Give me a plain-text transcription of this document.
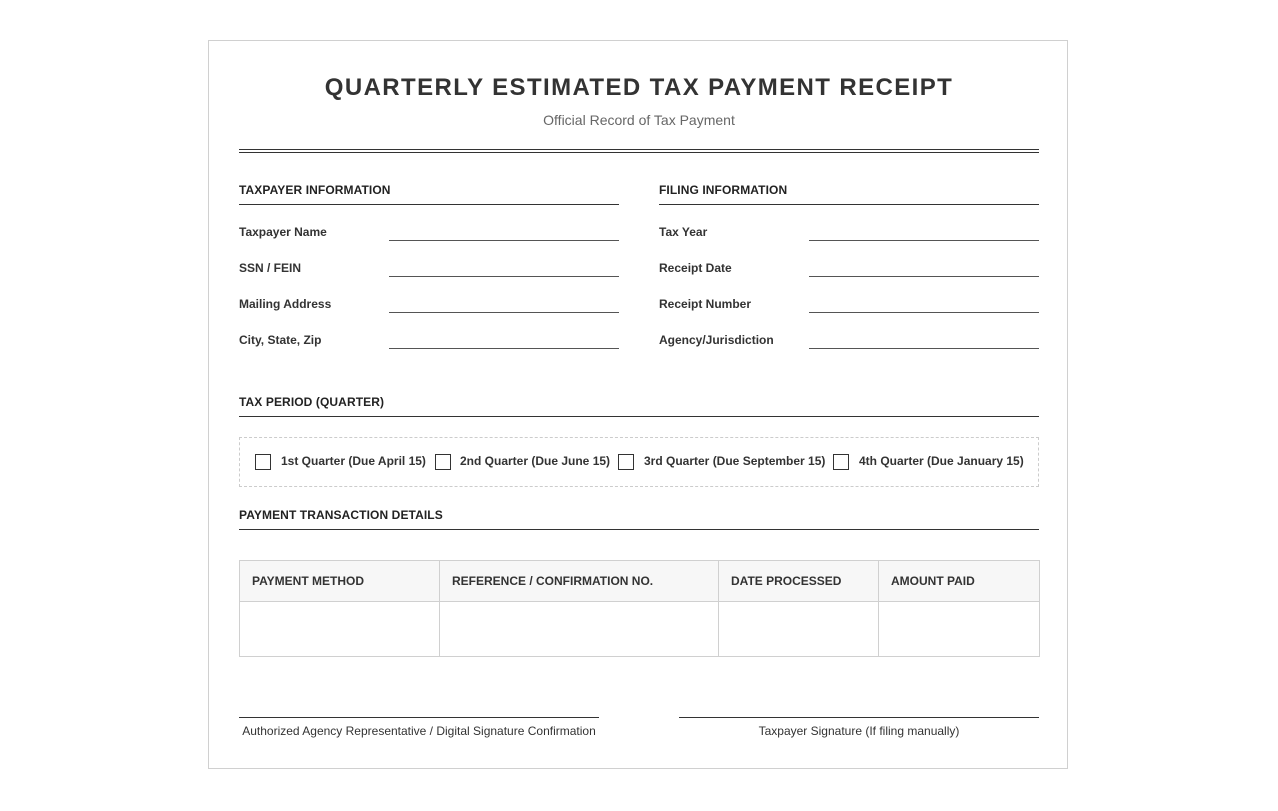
QUARTERLY ESTIMATED TAX PAYMENT RECEIPT
Official Record of Tax Payment
TAXPAYER INFORMATION
Taxpayer Name
SSN / FEIN
Mailing Address
City, State, Zip
FILING INFORMATION
Tax Year
Receipt Date
Receipt Number
Agency/Jurisdiction
TAX PERIOD (QUARTER)
1st Quarter (Due April 15)	2nd Quarter (Due June 15)	3rd Quarter (Due September 15)	4th Quarter (Due January 15)
PAYMENT TRANSACTION DETAILS
PAYMENT METHOD	REFERENCE / CONFIRMATION NO.	DATE PROCESSED	AMOUNT PAID

Authorized Agency Representative / Digital Signature Confirmation	Taxpayer Signature (If filing manually)
